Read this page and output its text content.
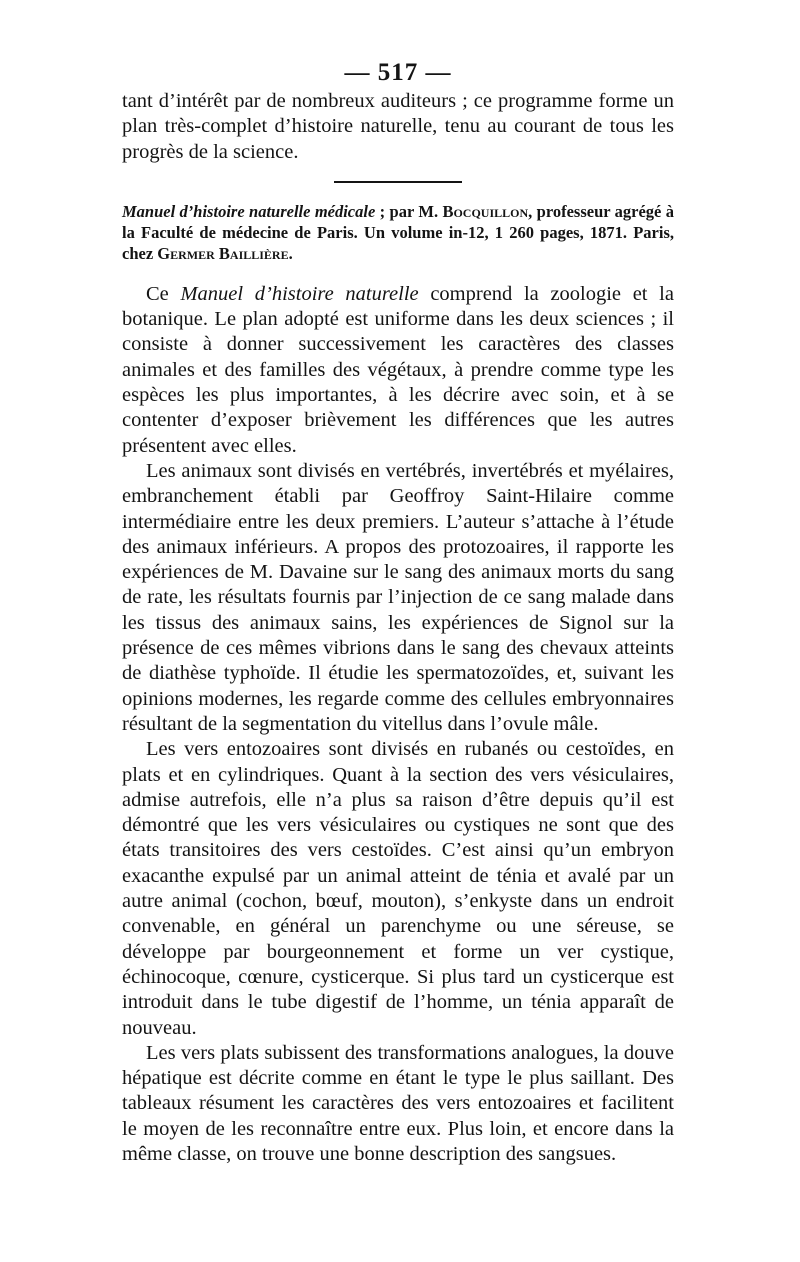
— 517 —

tant d’intérêt par de nombreux auditeurs ; ce programme forme un plan très-complet d’histoire naturelle, tenu au courant de tous les progrès de la science.

Manuel d’histoire naturelle médicale ; par M. Bocquillon, professeur agrégé à la Faculté de médecine de Paris. Un volume in-12, 1 260 pages, 1871. Paris, chez Germer Baillière.

Ce Manuel d’histoire naturelle comprend la zoologie et la botanique. Le plan adopté est uniforme dans les deux sciences ; il consiste à donner successivement les caractères des classes animales et des familles des végétaux, à prendre comme type les espèces les plus importantes, à les décrire avec soin, et à se contenter d’exposer brièvement les différences que les autres présentent avec elles.

Les animaux sont divisés en vertébrés, invertébrés et myélaires, embranchement établi par Geoffroy Saint-Hilaire comme intermédiaire entre les deux premiers. L’auteur s’attache à l’étude des animaux inférieurs. A propos des protozoaires, il rapporte les expériences de M. Davaine sur le sang des animaux morts du sang de rate, les résultats fournis par l’injection de ce sang malade dans les tissus des animaux sains, les expériences de Signol sur la présence de ces mêmes vibrions dans le sang des chevaux atteints de diathèse typhoïde. Il étudie les spermatozoïdes, et, suivant les opinions modernes, les regarde comme des cellules embryonnaires résultant de la segmentation du vitellus dans l’ovule mâle.

Les vers entozoaires sont divisés en rubanés ou cestoïdes, en plats et en cylindriques. Quant à la section des vers vésiculaires, admise autrefois, elle n’a plus sa raison d’être depuis qu’il est démontré que les vers vésiculaires ou cystiques ne sont que des états transitoires des vers cestoïdes. C’est ainsi qu’un embryon exacanthe expulsé par un animal atteint de ténia et avalé par un autre animal (cochon, bœuf, mouton), s’enkyste dans un endroit convenable, en général un parenchyme ou une séreuse, se développe par bourgeonnement et forme un ver cystique, échinocoque, cœnure, cysticerque. Si plus tard un cysticerque est introduit dans le tube digestif de l’homme, un ténia apparaît de nouveau.

Les vers plats subissent des transformations analogues, la douve hépatique est décrite comme en étant le type le plus saillant. Des tableaux résument les caractères des vers entozoaires et facilitent le moyen de les reconnaître entre eux. Plus loin, et encore dans la même classe, on trouve une bonne description des sangsues.
